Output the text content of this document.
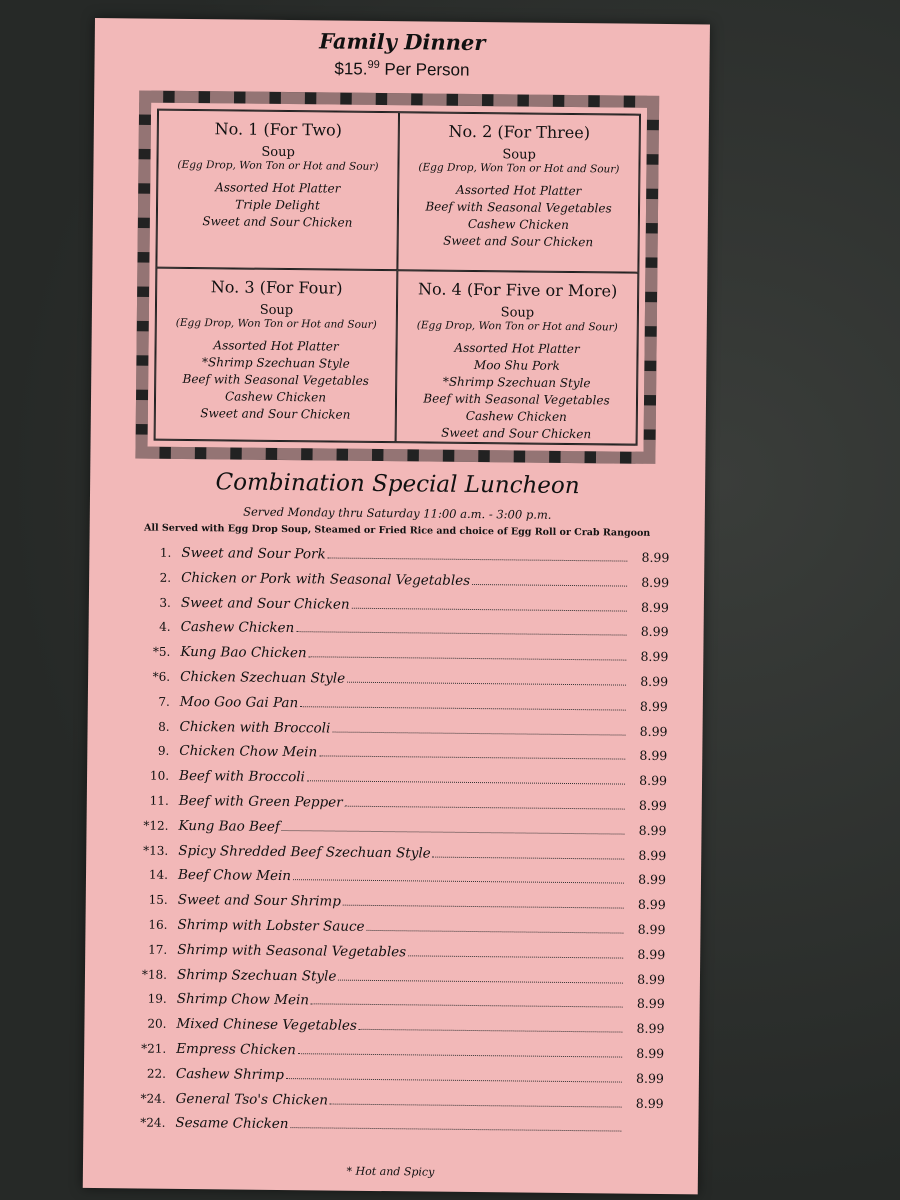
Family Dinner
$15.99 Per Person
No. 1 (For Two)
Soup
(Egg Drop, Won Ton or Hot and Sour)
Assorted Hot Platter
Triple Delight
Sweet and Sour Chicken
No. 2 (For Three)
Soup
(Egg Drop, Won Ton or Hot and Sour)
Assorted Hot Platter
Beef with Seasonal Vegetables
Cashew Chicken
Sweet and Sour Chicken
No. 3 (For Four)
Soup
(Egg Drop, Won Ton or Hot and Sour)
Assorted Hot Platter
*Shrimp Szechuan Style
Beef with Seasonal Vegetables
Cashew Chicken
Sweet and Sour Chicken
No. 4 (For Five or More)
Soup
(Egg Drop, Won Ton or Hot and Sour)
Assorted Hot Platter
Moo Shu Pork
*Shrimp Szechuan Style
Beef with Seasonal Vegetables
Cashew Chicken
Sweet and Sour Chicken
Combination Special Luncheon
Served Monday thru Saturday 11:00 a.m. - 3:00 p.m.
All Served with Egg Drop Soup, Steamed or Fried Rice and choice of Egg Roll or Crab Rangoon
1. Sweet and Sour Pork	8.99
2. Chicken or Pork with Seasonal Vegetables	8.99
3. Sweet and Sour Chicken	8.99
4. Cashew Chicken	8.99
*5. Kung Bao Chicken	8.99
*6. Chicken Szechuan Style	8.99
7. Moo Goo Gai Pan	8.99
8. Chicken with Broccoli	8.99
9. Chicken Chow Mein	8.99
10. Beef with Broccoli	8.99
11. Beef with Green Pepper	8.99
*12. Kung Bao Beef	8.99
*13. Spicy Shredded Beef Szechuan Style	8.99
14. Beef Chow Mein	8.99
15. Sweet and Sour Shrimp	8.99
16. Shrimp with Lobster Sauce	8.99
17. Shrimp with Seasonal Vegetables	8.99
*18. Shrimp Szechuan Style	8.99
19. Shrimp Chow Mein	8.99
20. Mixed Chinese Vegetables	8.99
*21. Empress Chicken	8.99
22. Cashew Shrimp	8.99
*24. General Tso's Chicken	8.99
*24. Sesame Chicken
* Hot and Spicy
